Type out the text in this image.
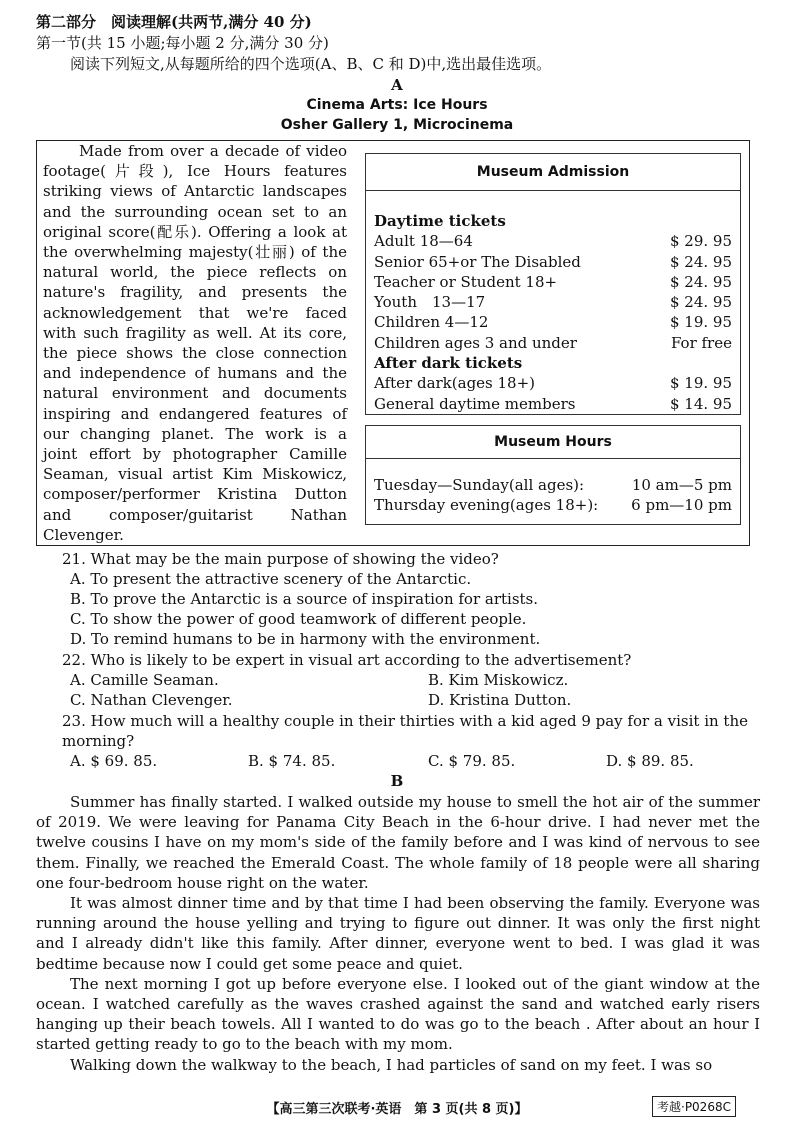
第二部分　阅读理解(共两节,满分 40 分)
第一节(共 15 小题;每小题 2 分,满分 30 分)
阅读下列短文,从每题所给的四个选项(A、B、C 和 D)中,选出最佳选项。
A
Cinema Arts: Ice Hours
Osher Gallery 1, Microcinema

Made from over a decade of video footage(片段), Ice Hours features striking views of Antarctic landscapes and the surrounding ocean set to an original score(配乐). Offering a look at the overwhelming majesty(壮丽) of the natural world, the piece reflects on nature's fragility, and presents the acknowledgement that we're faced with such fragility as well. At its core, the piece shows the close connection and independence of humans and the natural environment and documents inspiring and endangered features of our changing planet. The work is a joint effort by photographer Camille Seaman, visual artist Kim Miskowicz, composer/performer Kristina Dutton and composer/guitarist Nathan Clevenger.

Museum Admission
Daytime tickets
Adult 18—64	$ 29. 95
Senior 65+or The Disabled	$ 24. 95
Teacher or Student 18+	$ 24. 95
Youth　13—17	$ 24. 95
Children 4—12	$ 19. 95
Children ages 3 and under	For free
After dark tickets
After dark(ages 18+)	$ 19. 95
General daytime members	$ 14. 95
Museum Hours
Tuesday—Sunday(all ages):	10 am—5 pm
Thursday evening(ages 18+): 6 pm—10 pm
21. What may be the main purpose of showing the video?
A. To present the attractive scenery of the Antarctic.
B. To prove the Antarctic is a source of inspiration for artists.
C. To show the power of good teamwork of different people.
D. To remind humans to be in harmony with the environment.
22. Who is likely to be expert in visual art according to the advertisement?
A. Camille Seaman.	B. Kim Miskowicz.
C. Nathan Clevenger.	D. Kristina Dutton.
23. How much will a healthy couple in their thirties with a kid aged 9 pay for a visit in the
morning?
A. $ 69. 85.	B. $ 74. 85.	C. $ 79. 85.	D. $ 89. 85.
B

Summer has finally started. I walked outside my house to smell the hot air of the summer of 2019. We were leaving for Panama City Beach in the 6-hour drive. I had never met the twelve cousins I have on my mom's side of the family before and I was kind of nervous to see them. Finally, we reached the Emerald Coast. The whole family of 18 people were all sharing one four-bedroom house right on the water.

It was almost dinner time and by that time I had been observing the family. Everyone was running around the house yelling and trying to figure out dinner. It was only the first night and I already didn't like this family. After dinner, everyone went to bed. I was glad it was bedtime because now I could get some peace and quiet.

The next morning I got up before everyone else. I looked out of the giant window at the ocean. I watched carefully as the waves crashed against the sand and watched early risers hanging up their beach towels. All I wanted to do was go to the beach . After about an hour I started getting ready to go to the beach with my mom.

Walking down the walkway to the beach, I had particles of sand on my feet. I was so

【高三第三次联考·英语　第 3 页(共 8 页)】	考越·P0268C
